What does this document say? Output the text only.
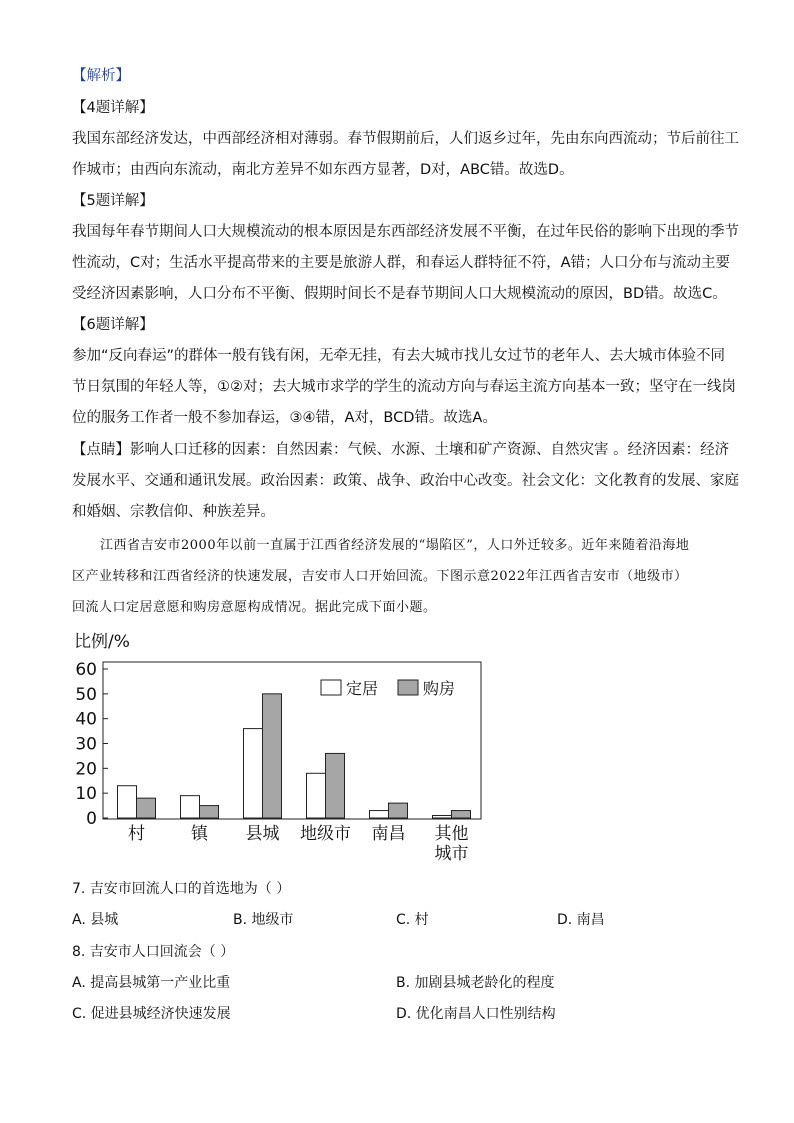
【解析】
【4题详解】
我国东部经济发达，中西部经济相对薄弱。春节假期前后，人们返乡过年，先由东向西流动；节后前往工
作城市；由西向东流动，南北方差异不如东西方显著，D对，ABC错。故选D。
【5题详解】
我国每年春节期间人口大规模流动的根本原因是东西部经济发展不平衡，在过年民俗的影响下出现的季节
性流动，C对；生活水平提高带来的主要是旅游人群，和春运人群特征不符，A错；人口分布与流动主要
受经济因素影响，人口分布不平衡、假期时间长不是春节期间人口大规模流动的原因，BD错。故选C。
【6题详解】
参加“反向春运”的群体一般有钱有闲，无牵无挂，有去大城市找儿女过节的老年人、去大城市体验不同
节日氛围的年轻人等，①②对；去大城市求学的学生的流动方向与春运主流方向基本一致；坚守在一线岗
位的服务工作者一般不参加春运，③④错，A对，BCD错。故选A。
【点睛】影响人口迁移的因素：自然因素：气候、水源、土壤和矿产资源、自然灾害 。经济因素：经济
发展水平、交通和通讯发展。政治因素：政策、战争、政治中心改变。社会文化：文化教育的发展、家庭
和婚姻、宗教信仰、种族差异。
江西省吉安市2000年以前一直属于江西省经济发展的“塌陷区”，人口外迁较多。近年来随着沿海地
区产业转移和江西省经济的快速发展，吉安市人口开始回流。下图示意2022年江西省吉安市（地级市）
回流人口定居意愿和购房意愿构成情况。据此完成下面小题。
比例/%
0
10
20
30
40
50
60
村	镇 县城 地级市 南昌 其他城市
定居	购房
7. 吉安市回流人口的首选地为（ ）
A. 县城	B. 地级市	C. 村	D. 南昌
8. 吉安市人口回流会（ ）
A. 提高县城第一产业比重	B. 加剧县城老龄化的程度
C. 促进县城经济快速发展	D. 优化南昌人口性别结构
